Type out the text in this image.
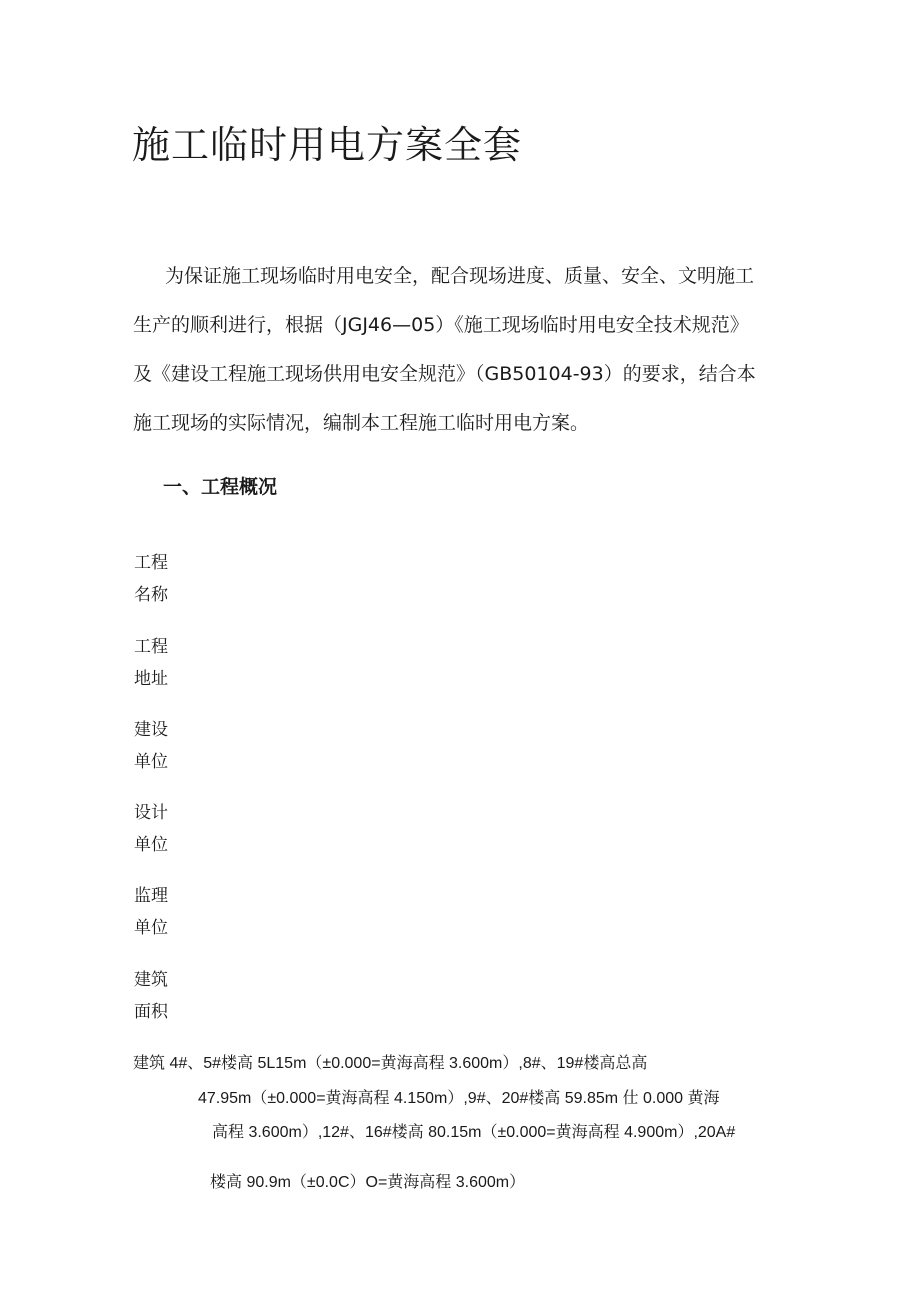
施工临时用电方案全套

为保证施工现场临时用电安全，配合现场进度、质量、安全、文明施工
生产的顺利进行，根据（JGJ46—05）《施工现场临时用电安全技术规范》
及《建设工程施工现场供用电安全规范》（GB50104-93）的要求，结合本
施工现场的实际情况，编制本工程施工临时用电方案。

一、工程概况
工程
名称
工程
地址
建设
单位
设计
单位
监理
单位
建筑
面积
建筑 4#、5#楼高 5L15m（±0.000=黄海高程 3.600m）,8#、19#楼高总高
47.95m（±0.000=黄海高程 4.150m）,9#、20#楼高 59.85m 仕 0.000 黄海
高程 3.600m）,12#、16#楼高 80.15m（±0.000=黄海高程 4.900m）,20A#
楼高 90.9m（±0.0C）O=黄海高程 3.600m）
